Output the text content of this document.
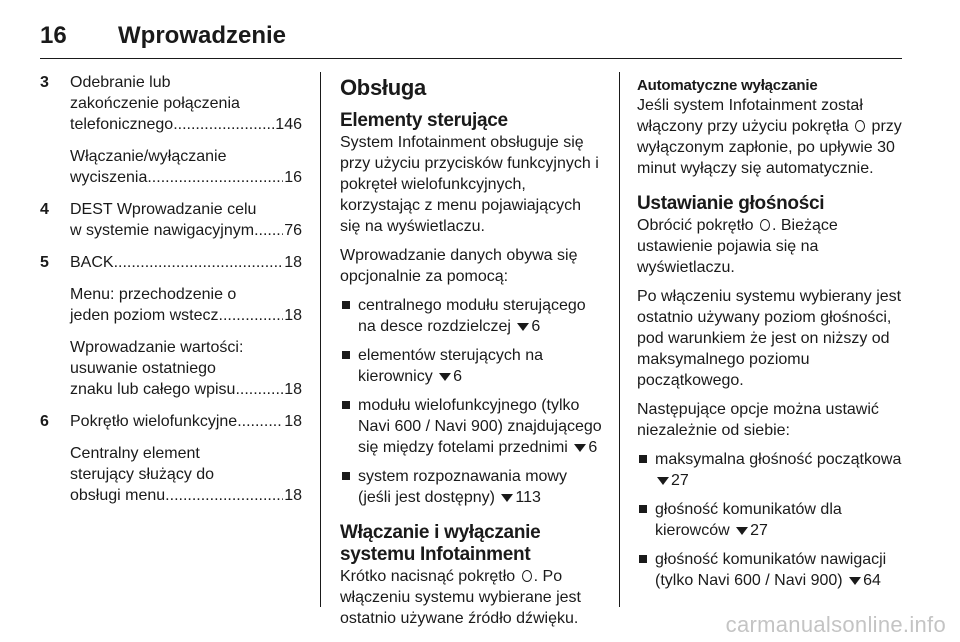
16 Wprowadzenie
3 Odebranie lub
zakończenie połączenia
telefonicznego .....	146
Włączanie/wyłączanie
wyciszenia .....	16
4 DEST Wprowadzanie celu
w systemie nawigacyjnym ..... 76
5 BACK .....	18
Menu: przechodzenie o
jeden poziom wstecz .....	18
Wprowadzanie wartości:
usuwanie ostatniego
znaku lub całego wpisu .....	18
6 Pokrętło wielofunkcyjne .....	18
Centralny element
sterujący służący do
obsługi menu .....	18
Obsługa
Elementy sterujące

System Infotainment obsługuje się przy użyciu przycisków funkcyjnych i pokręteł wielofunkcyjnych, korzystając z menu pojawiających się na wyświetlaczu.

Wprowadzanie danych obywa się opcjonalnie za pomocą:

centralnego modułu sterującego na desce rozdzielczej 6
elementów sterujących na kierownicy 6
modułu wielofunkcyjnego (tylko Navi 600 / Navi 900) znajdującego się między fotelami przednimi 6
system rozpoznawania mowy (jeśli jest dostępny) 113
Włączanie i wyłączanie systemu Infotainment

Krótko nacisnąć pokrętło . Po włączeniu systemu wybierane jest ostatnio używane źródło dźwięku.

Automatyczne wyłączanie

Jeśli system Infotainment został włączony przy użyciu pokrętła przy wyłączonym zapłonie, po upływie 30 minut wyłączy się automatycznie.

Ustawianie głośności

Obrócić pokrętło . Bieżące ustawienie pojawia się na wyświetlaczu.

Po włączeniu systemu wybierany jest ostatnio używany poziom głośności, pod warunkiem że jest on niższy od maksymalnego poziomu początkowego.

Następujące opcje można ustawić niezależnie od siebie:

maksymalna głośność początkowa 27
głośność komunikatów dla kierowców 27
głośność komunikatów nawigacji (tylko Navi 600 / Navi 900) 64
carmanualsonline.info
